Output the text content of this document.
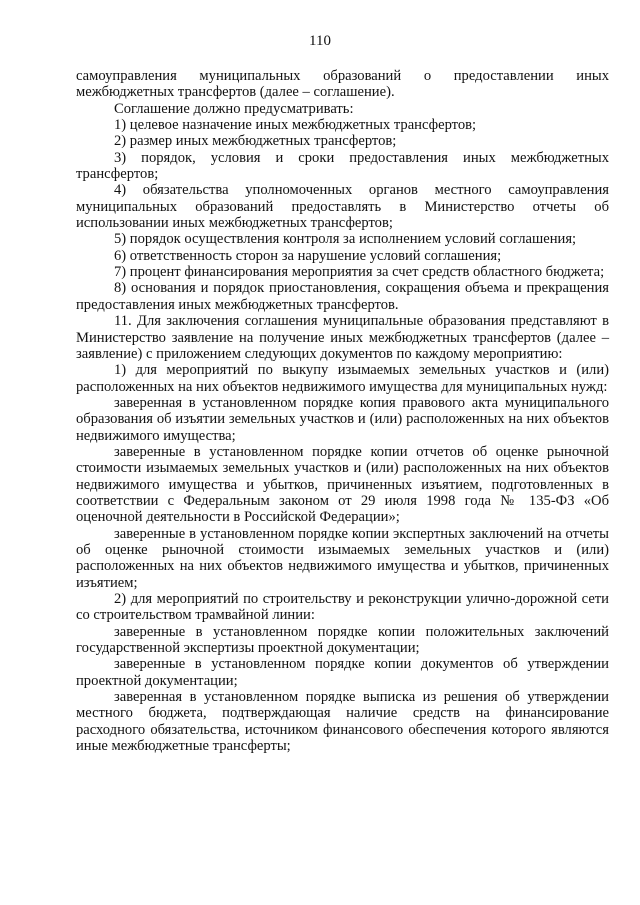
110

самоуправления муниципальных образований о предоставлении иных межбюджетных трансфертов (далее – соглашение).

Соглашение должно предусматривать:

1) целевое назначение иных межбюджетных трансфертов;

2) размер иных межбюджетных трансфертов;

3) порядок, условия и сроки предоставления иных межбюджетных трансфертов;

4) обязательства уполномоченных органов местного самоуправления муниципальных образований предоставлять в Министерство отчеты об использовании иных межбюджетных трансфертов;

5) порядок осуществления контроля за исполнением условий соглашения;

6) ответственность сторон за нарушение условий соглашения;

7) процент финансирования мероприятия за счет средств областного бюджета;

8) основания и порядок приостановления, сокращения объема и прекращения предоставления иных межбюджетных трансфертов.

11. Для заключения соглашения муниципальные образования представляют в Министерство заявление на получение иных межбюджетных трансфертов (далее – заявление) с приложением следующих документов по каждому мероприятию:

1) для мероприятий по выкупу изымаемых земельных участков и (или) расположенных на них объектов недвижимого имущества для муниципальных нужд:

заверенная в установленном порядке копия правового акта муниципального образования об изъятии земельных участков и (или) расположенных на них объектов недвижимого имущества;

заверенные в установленном порядке копии отчетов об оценке рыночной стоимости изымаемых земельных участков и (или) расположенных на них объектов недвижимого имущества и убытков, причиненных изъятием, подготовленных в соответствии с Федеральным законом от 29 июля 1998 года № 135-ФЗ «Об оценочной деятельности в Российской Федерации»;

заверенные в установленном порядке копии экспертных заключений на отчеты об оценке рыночной стоимости изымаемых земельных участков и (или) расположенных на них объектов недвижимого имущества и убытков, причиненных изъятием;

2) для мероприятий по строительству и реконструкции улично-дорожной сети со строительством трамвайной линии:

заверенные в установленном порядке копии положительных заключений государственной экспертизы проектной документации;

заверенные в установленном порядке копии документов об утверждении проектной документации;

заверенная в установленном порядке выписка из решения об утверждении местного бюджета, подтверждающая наличие средств на финансирование расходного обязательства, источником финансового обеспечения которого являются иные межбюджетные трансферты;
